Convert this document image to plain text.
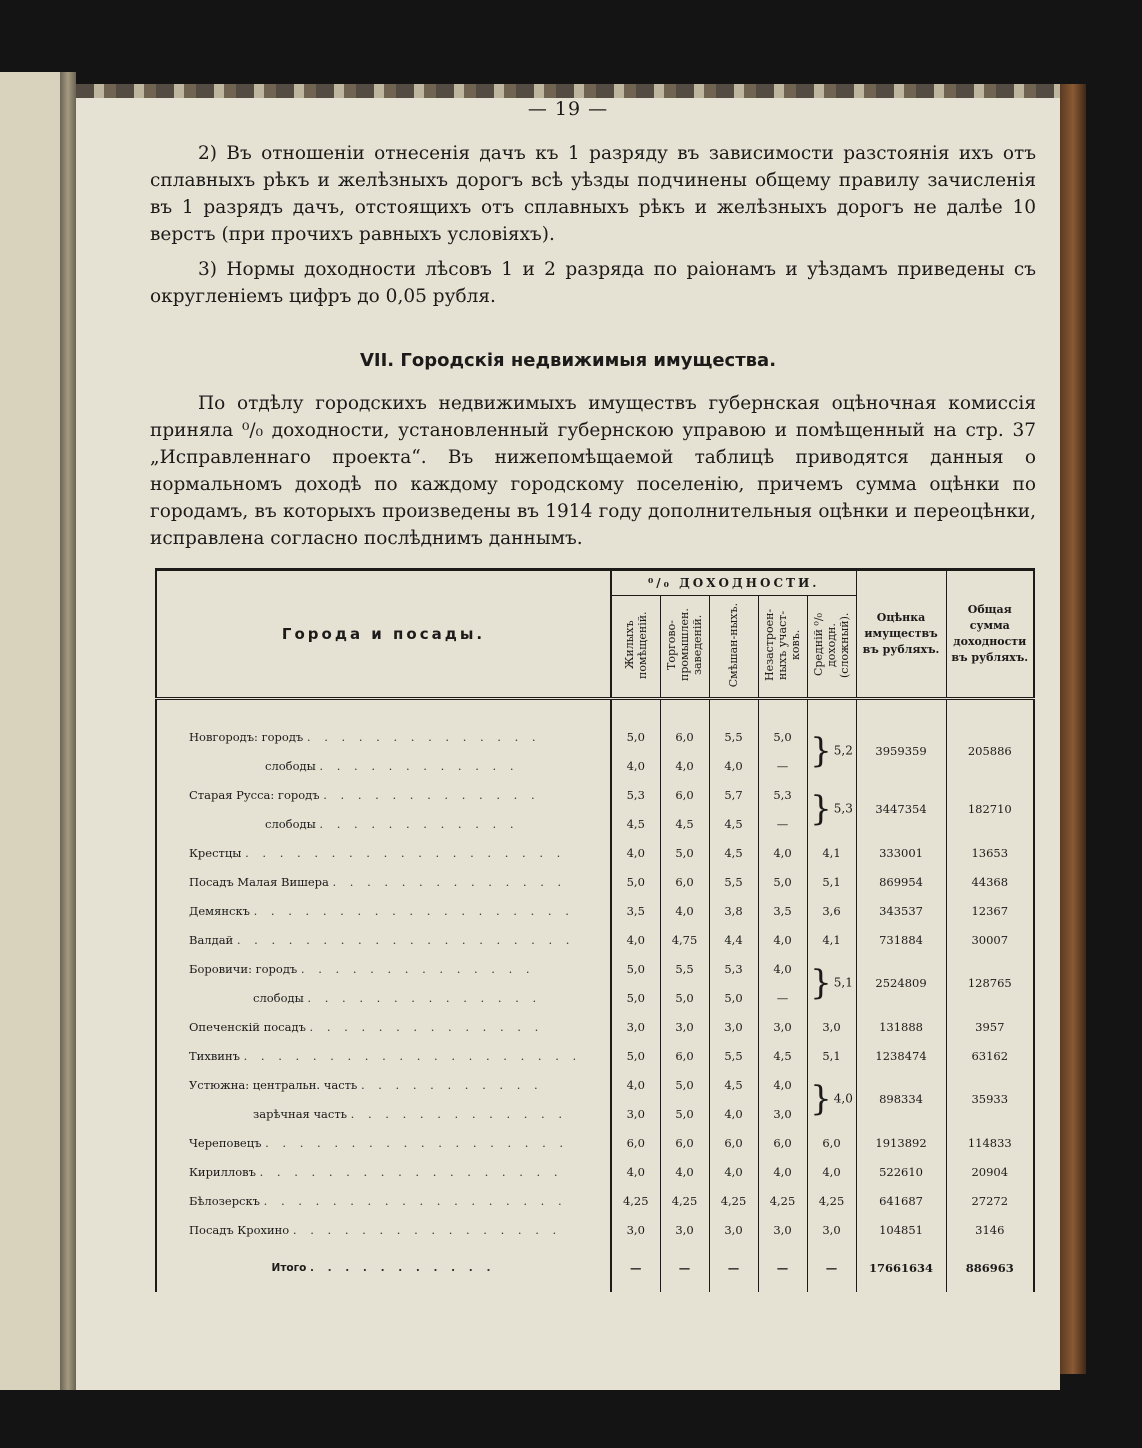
— 19 —

2) Въ отношенiи отнесенія дачъ къ 1 разряду въ зависимости разстоянія ихъ отъ сплавныхъ рѣкъ и желѣзныхъ дорогъ всѣ уѣзды подчинены общему правилу зачисленія въ 1 разрядъ дачъ, отстоящихъ отъ сплавныхъ рѣкъ и желѣзныхъ дорогъ не далѣе 10 верстъ (при прочихъ равныхъ условiяхъ).

3) Нормы доходности лѣсовъ 1 и 2 разряда по раіонамъ и уѣздамъ приведены съ округленіемъ цифръ до 0,05 рубля.

VII. Городскія недвижимыя имущества.

По отдѣлу городскихъ недвижимыхъ имуществъ губернская оцѣночная комиссія приняла ⁰/₀ доходности, установленный губернскою управою и помѣщенный на стр. 37 „Исправленнаго проекта“. Въ нижепомѣщаемой таблицѣ приводятся данныя о нормальномъ доходѣ по каждому городскому поселенію, причемъ сумма оцѣнки по городамъ, въ которыхъ произведены въ 1914 году дополнительныя оцѣнки и переоцѣнки, исправлена согласно послѣднимъ даннымъ.

Города и посады.	⁰/₀ ДОХОДНОСТИ.					Оцѣнка имуществъ въ рубляхъ.	Общая сумма доходности въ рубляхъ.
	Жилыхъ помѣщеній.	Торгово-промышлен. заведеній.	Смѣшан-ныхъ.	Незастроен-ныхъ участ-ковъ.	Средній ⁰/₀ доходн. (сложный).		

Новгородъ: городъ . . . . . . . . . . . . . .	5,0	6,0	5,5	5,0	} 5,2	3959359	205886
слободы . . . . . . . . . . . .	4,0	4,0	4,0	—			
Старая Русса: городъ . . . . . . . . . . . . .	5,3	6,0	5,7	5,3	} 5,3	3447354	182710
слободы . . . . . . . . . . . .	4,5	4,5	4,5	—			
Крестцы . . . . . . . . . . . . . . . . . . .	4,0	5,0	4,5	4,0	4,1	333001	13653
Посадъ Малая Вишера . . . . . . . . . . . . . .	5,0	6,0	5,5	5,0	5,1	869954	44368
Демянскъ . . . . . . . . . . . . . . . . . . .	3,5	4,0	3,8	3,5	3,6	343537	12367
Валдай . . . . . . . . . . . . . . . . . . . .	4,0	4,75	4,4	4,0	4,1	731884	30007
Боровичи: городъ . . . . . . . . . . . . . .	5,0	5,5	5,3	4,0	} 5,1	2524809	128765
слободы . . . . . . . . . . . . . .	5,0	5,0	5,0	—			
Опеченскій посадъ . . . . . . . . . . . . . .	3,0	3,0	3,0	3,0	3,0	131888	3957
Тихвинъ . . . . . . . . . . . . . . . . . . . .	5,0	6,0	5,5	4,5	5,1	1238474	63162
Устюжна: центральн. часть . . . . . . . . . . .	4,0	5,0	4,5	4,0	} 4,0	898334	35933
зарѣчная часть . . . . . . . . . . . . .	3,0	5,0	4,0	3,0			
Череповецъ . . . . . . . . . . . . . . . . . .	6,0	6,0	6,0	6,0	6,0	1913892	114833
Кирилловъ . . . . . . . . . . . . . . . . . .	4,0	4,0	4,0	4,0	4,0	522610	20904
Бѣлозерскъ . . . . . . . . . . . . . . . . . .	4,25	4,25	4,25	4,25	4,25	641687	27272
Посадъ Крохино . . . . . . . . . . . . . . . .	3,0	3,0	3,0	3,0	3,0	104851	3146
Итого . . . . . . . . . . .	—	—	—	—	—	17661634	886963
